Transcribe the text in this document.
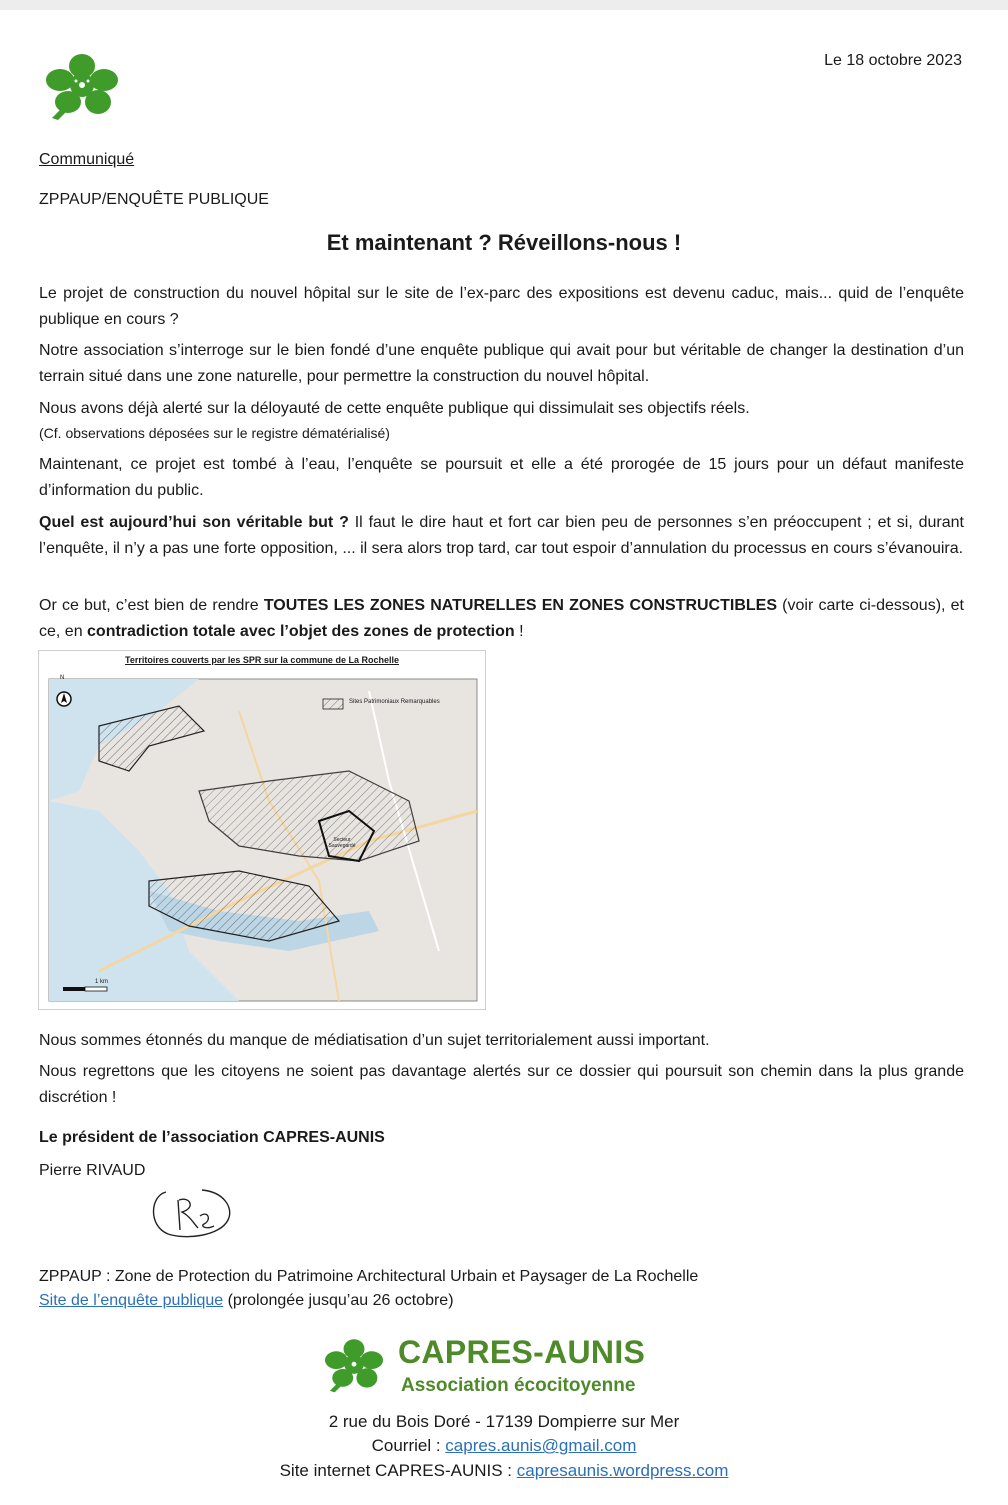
Le 18 octobre 2023
Communiqué
ZPPAUP/ENQUÊTE PUBLIQUE
Et maintenant ? Réveillons-nous !
Le projet de construction du nouvel hôpital sur le site de l’ex-parc des expositions est devenu caduc, mais... quid de l’enquête publique en cours ?
Notre association s’interroge sur le bien fondé d’une enquête publique qui avait pour but véritable de changer la destination d’un terrain situé dans une zone naturelle, pour permettre la construction du nouvel hôpital.
Nous avons déjà alerté sur la déloyauté de cette enquête publique qui dissimulait ses objectifs réels.
(Cf. observations déposées sur le registre dématérialisé)
Maintenant, ce projet est tombé à l’eau, l’enquête se poursuit et elle a été prorogée de 15 jours pour un défaut manifeste d’information du public.
Quel est aujourd’hui son véritable but ? Il faut le dire haut et fort car bien peu de personnes s’en préoccupent ; et si, durant l’enquête, il n’y a pas une forte opposition, ... il sera alors trop tard, car tout espoir d’annulation du processus en cours s’évanouira.
Or ce but, c’est bien de rendre TOUTES LES ZONES NATURELLES EN ZONES CONSTRUCTIBLES (voir carte ci-dessous), et ce, en contradiction totale avec l’objet des zones de protection !
Territoires couverts par les SPR sur la commune de La Rochelle
Sites Patrimoniaux Remarquables
Secteur Sauvegardé
N
1 km
Nous sommes étonnés du manque de médiatisation d’un sujet territorialement aussi important.
Nous regrettons que les citoyens ne soient pas davantage alertés sur ce dossier qui poursuit son chemin dans la plus grande discrétion !
Le président de l’association CAPRES-AUNIS
Pierre RIVAUD
ZPPAUP : Zone de Protection du Patrimoine Architectural Urbain et Paysager de La Rochelle
Site de l’enquête publique (prolongée jusqu’au 26 octobre)
CAPRES-AUNIS
Association écocitoyenne
2 rue du Bois Doré - 17139 Dompierre sur Mer
Courriel : capres.aunis@gmail.com
Site internet CAPRES-AUNIS : capresaunis.wordpress.com
